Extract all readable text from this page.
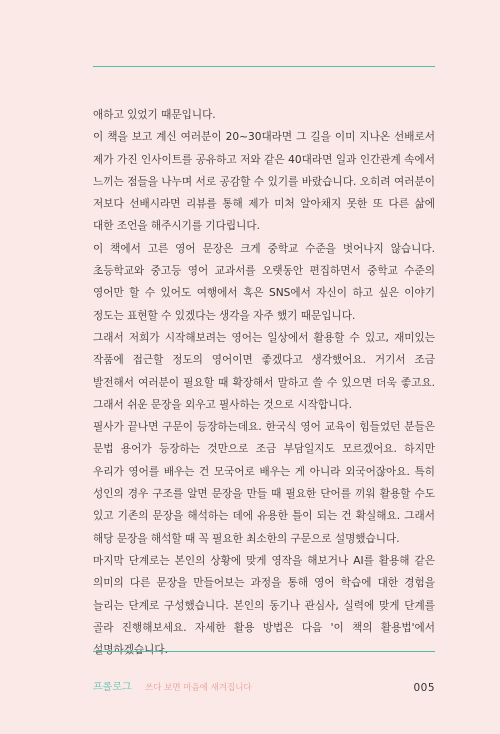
애하고 있었기 때문입니다.

이 책을 보고 계신 여러분이 20~30대라면 그 길을 이미 지나온 선배로서 제가 가진 인사이트를 공유하고 저와 같은 40대라면 일과 인간관계 속에서 느끼는 점들을 나누며 서로 공감할 수 있기를 바랐습니다. 오히려 여러분이 저보다 선배시라면 리뷰를 통해 제가 미처 알아채지 못한 또 다른 삶에 대한 조언을 해주시기를 기다립니다.

이 책에서 고른 영어 문장은 크게 중학교 수준을 벗어나지 않습니다. 초등학교와 중고등 영어 교과서를 오랫동안 편집하면서 중학교 수준의 영어만 할 수 있어도 여행에서 혹은 SNS에서 자신이 하고 싶은 이야기 정도는 표현할 수 있겠다는 생각을 자주 했기 때문입니다.

그래서 저희가 시작해보려는 영어는 일상에서 활용할 수 있고, 재미있는 작품에 접근할 정도의 영어이면 좋겠다고 생각했어요. 거기서 조금 발전해서 여러분이 필요할 때 확장해서 말하고 쓸 수 있으면 더욱 좋고요. 그래서 쉬운 문장을 외우고 필사하는 것으로 시작합니다.

필사가 끝나면 구문이 등장하는데요. 한국식 영어 교육이 힘들었던 분들은 문법 용어가 등장하는 것만으로 조금 부담일지도 모르겠어요. 하지만 우리가 영어를 배우는 건 모국어로 배우는 게 아니라 외국어잖아요. 특히 성인의 경우 구조를 알면 문장을 만들 때 필요한 단어를 끼워 활용할 수도 있고 기존의 문장을 해석하는 데에 유용한 틀이 되는 건 확실해요. 그래서 해당 문장을 해석할 때 꼭 필요한 최소한의 구문으로 설명했습니다.

마지막 단계로는 본인의 상황에 맞게 영작을 해보거나 AI를 활용해 같은 의미의 다른 문장을 만들어보는 과정을 통해 영어 학습에 대한 경험을 늘리는 단계로 구성했습니다. 본인의 동기나 관심사, 실력에 맞게 단계를 골라 진행해보세요. 자세한 활용 방법은 다음 '이 책의 활용법'에서 설명하겠습니다.

프롤로그 쓰다 보면 마음에 새겨집니다	005
